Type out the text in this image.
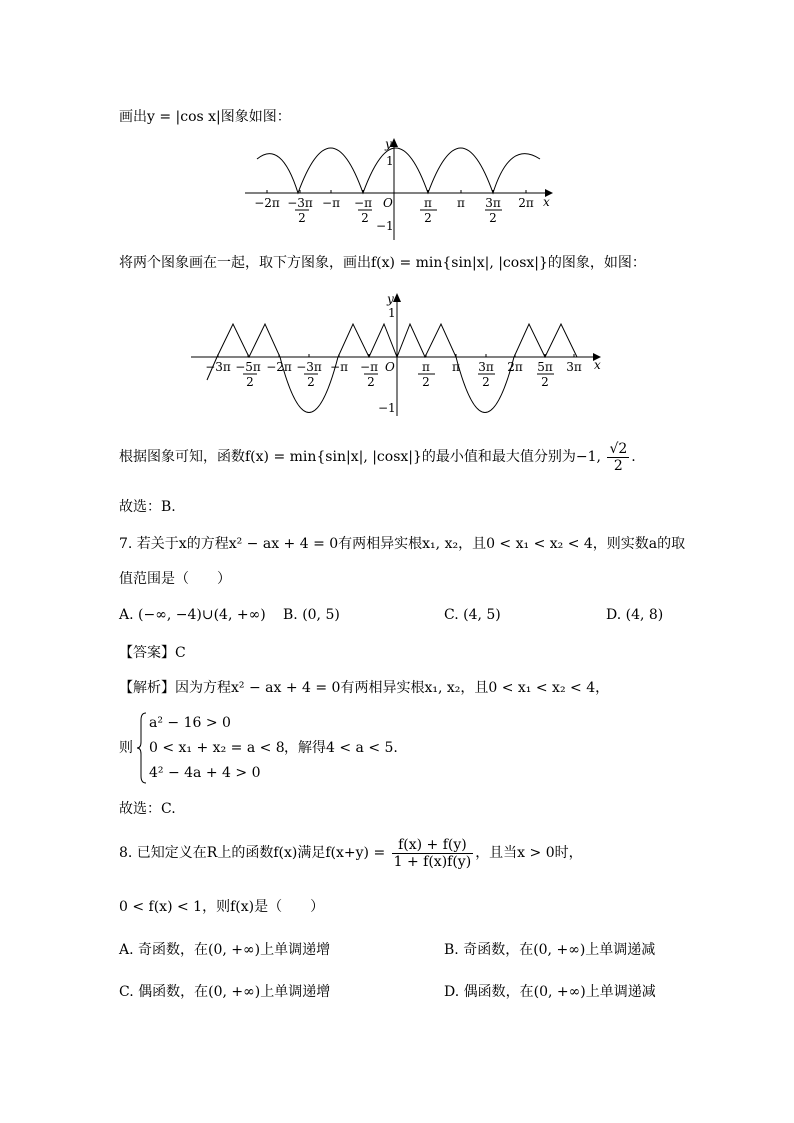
画出y = |cos x|图象如图：
y
x
O
1
−1
−2π −3π
2
−π −π
2
π
2
π 3π
2
2π
将两个图象画在一起，取下方图象，画出f(x) = min{sin|x|, |cosx|}的图象，如图：
y
x
O
1
−1
−3π −5π
2
−2π −3π
2
−π −π
2
π
2
π 3π
2
2π 5π
2
3π
根据图象可知，函数f(x) = min{sin|x|, |cosx|}的最小值和最大值分别为−1, $\frac{√2}{2}$ .
故选：B.
7. 若关于x的方程x² − ax + 4 = 0有两相异实根x₁, x₂，且0 < x₁ < x₂ < 4，则实数a的取
值范围是（　　）
A. (−∞, −4)∪(4, +∞) B. (0, 5)	C. (4, 5)	D. (4, 8)
【答案】C
【解析】因为方程x² − ax + 4 = 0有两相异实根x₁, x₂，且0 < x₁ < x₂ < 4，
则
a² − 16 > 0
0 < x₁ + x₂ = a < 8
4² − 4a + 4 > 0
，解得4 < a < 5.
故选：C.
8. 已知定义在R上的函数f(x)满足$f(x+y) = \frac{f(x) + f(y)}{1 + f(x)f(y)}$ ，且当x > 0时，
0 < f(x) < 1，则f(x)是（　　）
A. 奇函数，在(0, +∞)上单调递增	B. 奇函数，在(0, +∞)上单调递减
C. 偶函数，在(0, +∞)上单调递增	D. 偶函数，在(0, +∞)上单调递减
